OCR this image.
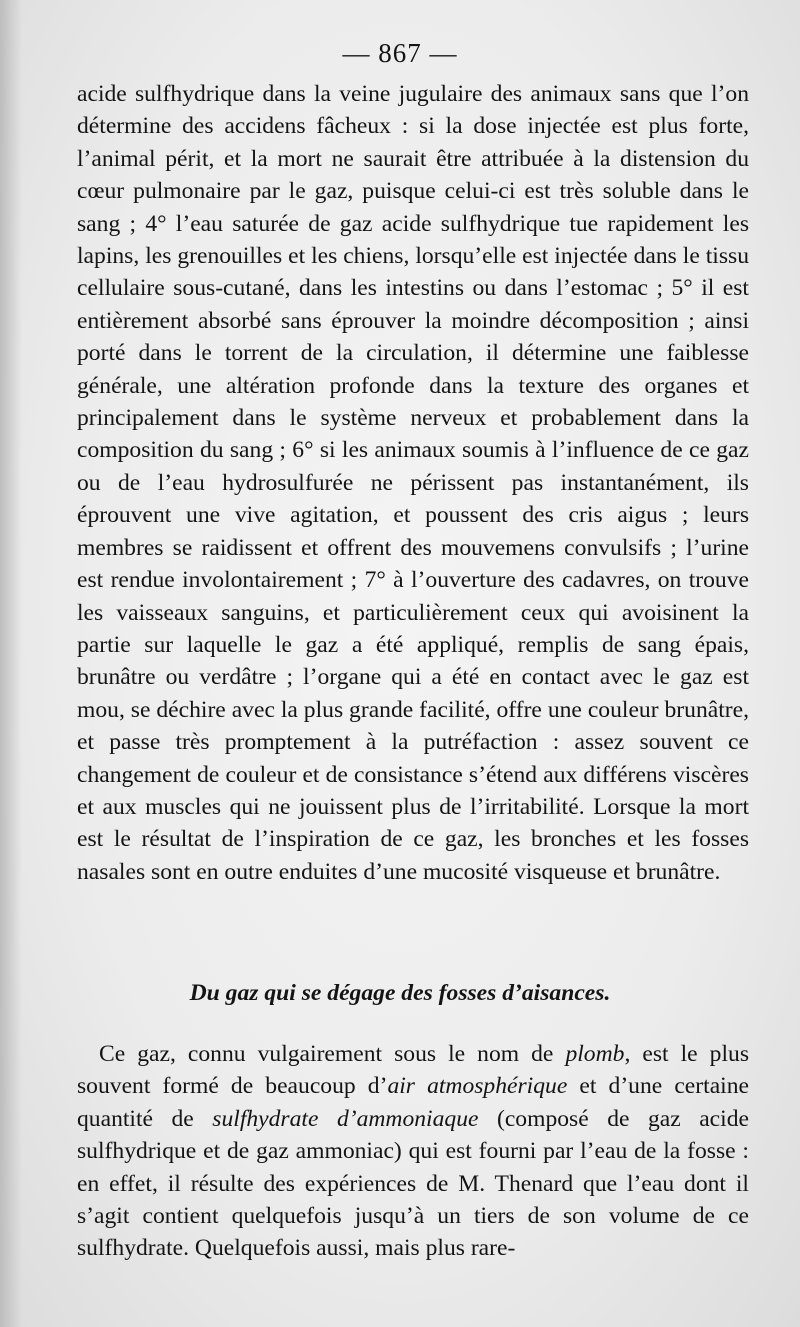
— 867 —

acide sulfhydrique dans la veine jugulaire des animaux sans que l’on détermine des accidens fâcheux : si la dose injectée est plus forte, l’animal périt, et la mort ne saurait être attribuée à la distension du cœur pulmonaire par le gaz, puisque celui-ci est très soluble dans le sang ; 4° l’eau saturée de gaz acide sulfhydrique tue rapidement les lapins, les grenouilles et les chiens, lorsqu’elle est injectée dans le tissu cellulaire sous-cutané, dans les intestins ou dans l’estomac ; 5° il est entièrement absorbé sans éprouver la moindre décomposition ; ainsi porté dans le torrent de la circulation, il détermine une faiblesse générale, une altération profonde dans la texture des organes et principalement dans le système nerveux et probablement dans la composition du sang ; 6° si les animaux soumis à l’influence de ce gaz ou de l’eau hydrosulfurée ne périssent pas instantanément, ils éprouvent une vive agitation, et poussent des cris aigus ; leurs membres se raidissent et offrent des mouvemens convulsifs ; l’urine est rendue involontairement ; 7° à l’ouverture des cadavres, on trouve les vaisseaux sanguins, et particulièrement ceux qui avoisinent la partie sur laquelle le gaz a été appliqué, remplis de sang épais, brunâtre ou verdâtre ; l’organe qui a été en contact avec le gaz est mou, se déchire avec la plus grande facilité, offre une couleur brunâtre, et passe très promptement à la putréfaction : assez souvent ce changement de couleur et de consistance s’étend aux différens viscères et aux muscles qui ne jouissent plus de l’irritabilité. Lorsque la mort est le résultat de l’inspiration de ce gaz, les bronches et les fosses nasales sont en outre enduites d’une mucosité visqueuse et brunâtre.

Du gaz qui se dégage des fosses d’aisances.
Ce gaz, connu vulgairement sous le nom de plomb, est le plus souvent formé de beaucoup d’air atmosphérique et d’une certaine quantité de sulfhydrate d’ammoniaque (composé de gaz acide sulfhydrique et de gaz ammoniac) qui est fourni par l’eau de la fosse : en effet, il résulte des expériences de M. Thenard que l’eau dont il s’agit contient quelquefois jusqu’à un tiers de son volume de ce sulfhydrate. Quelquefois aussi, mais plus rare-
